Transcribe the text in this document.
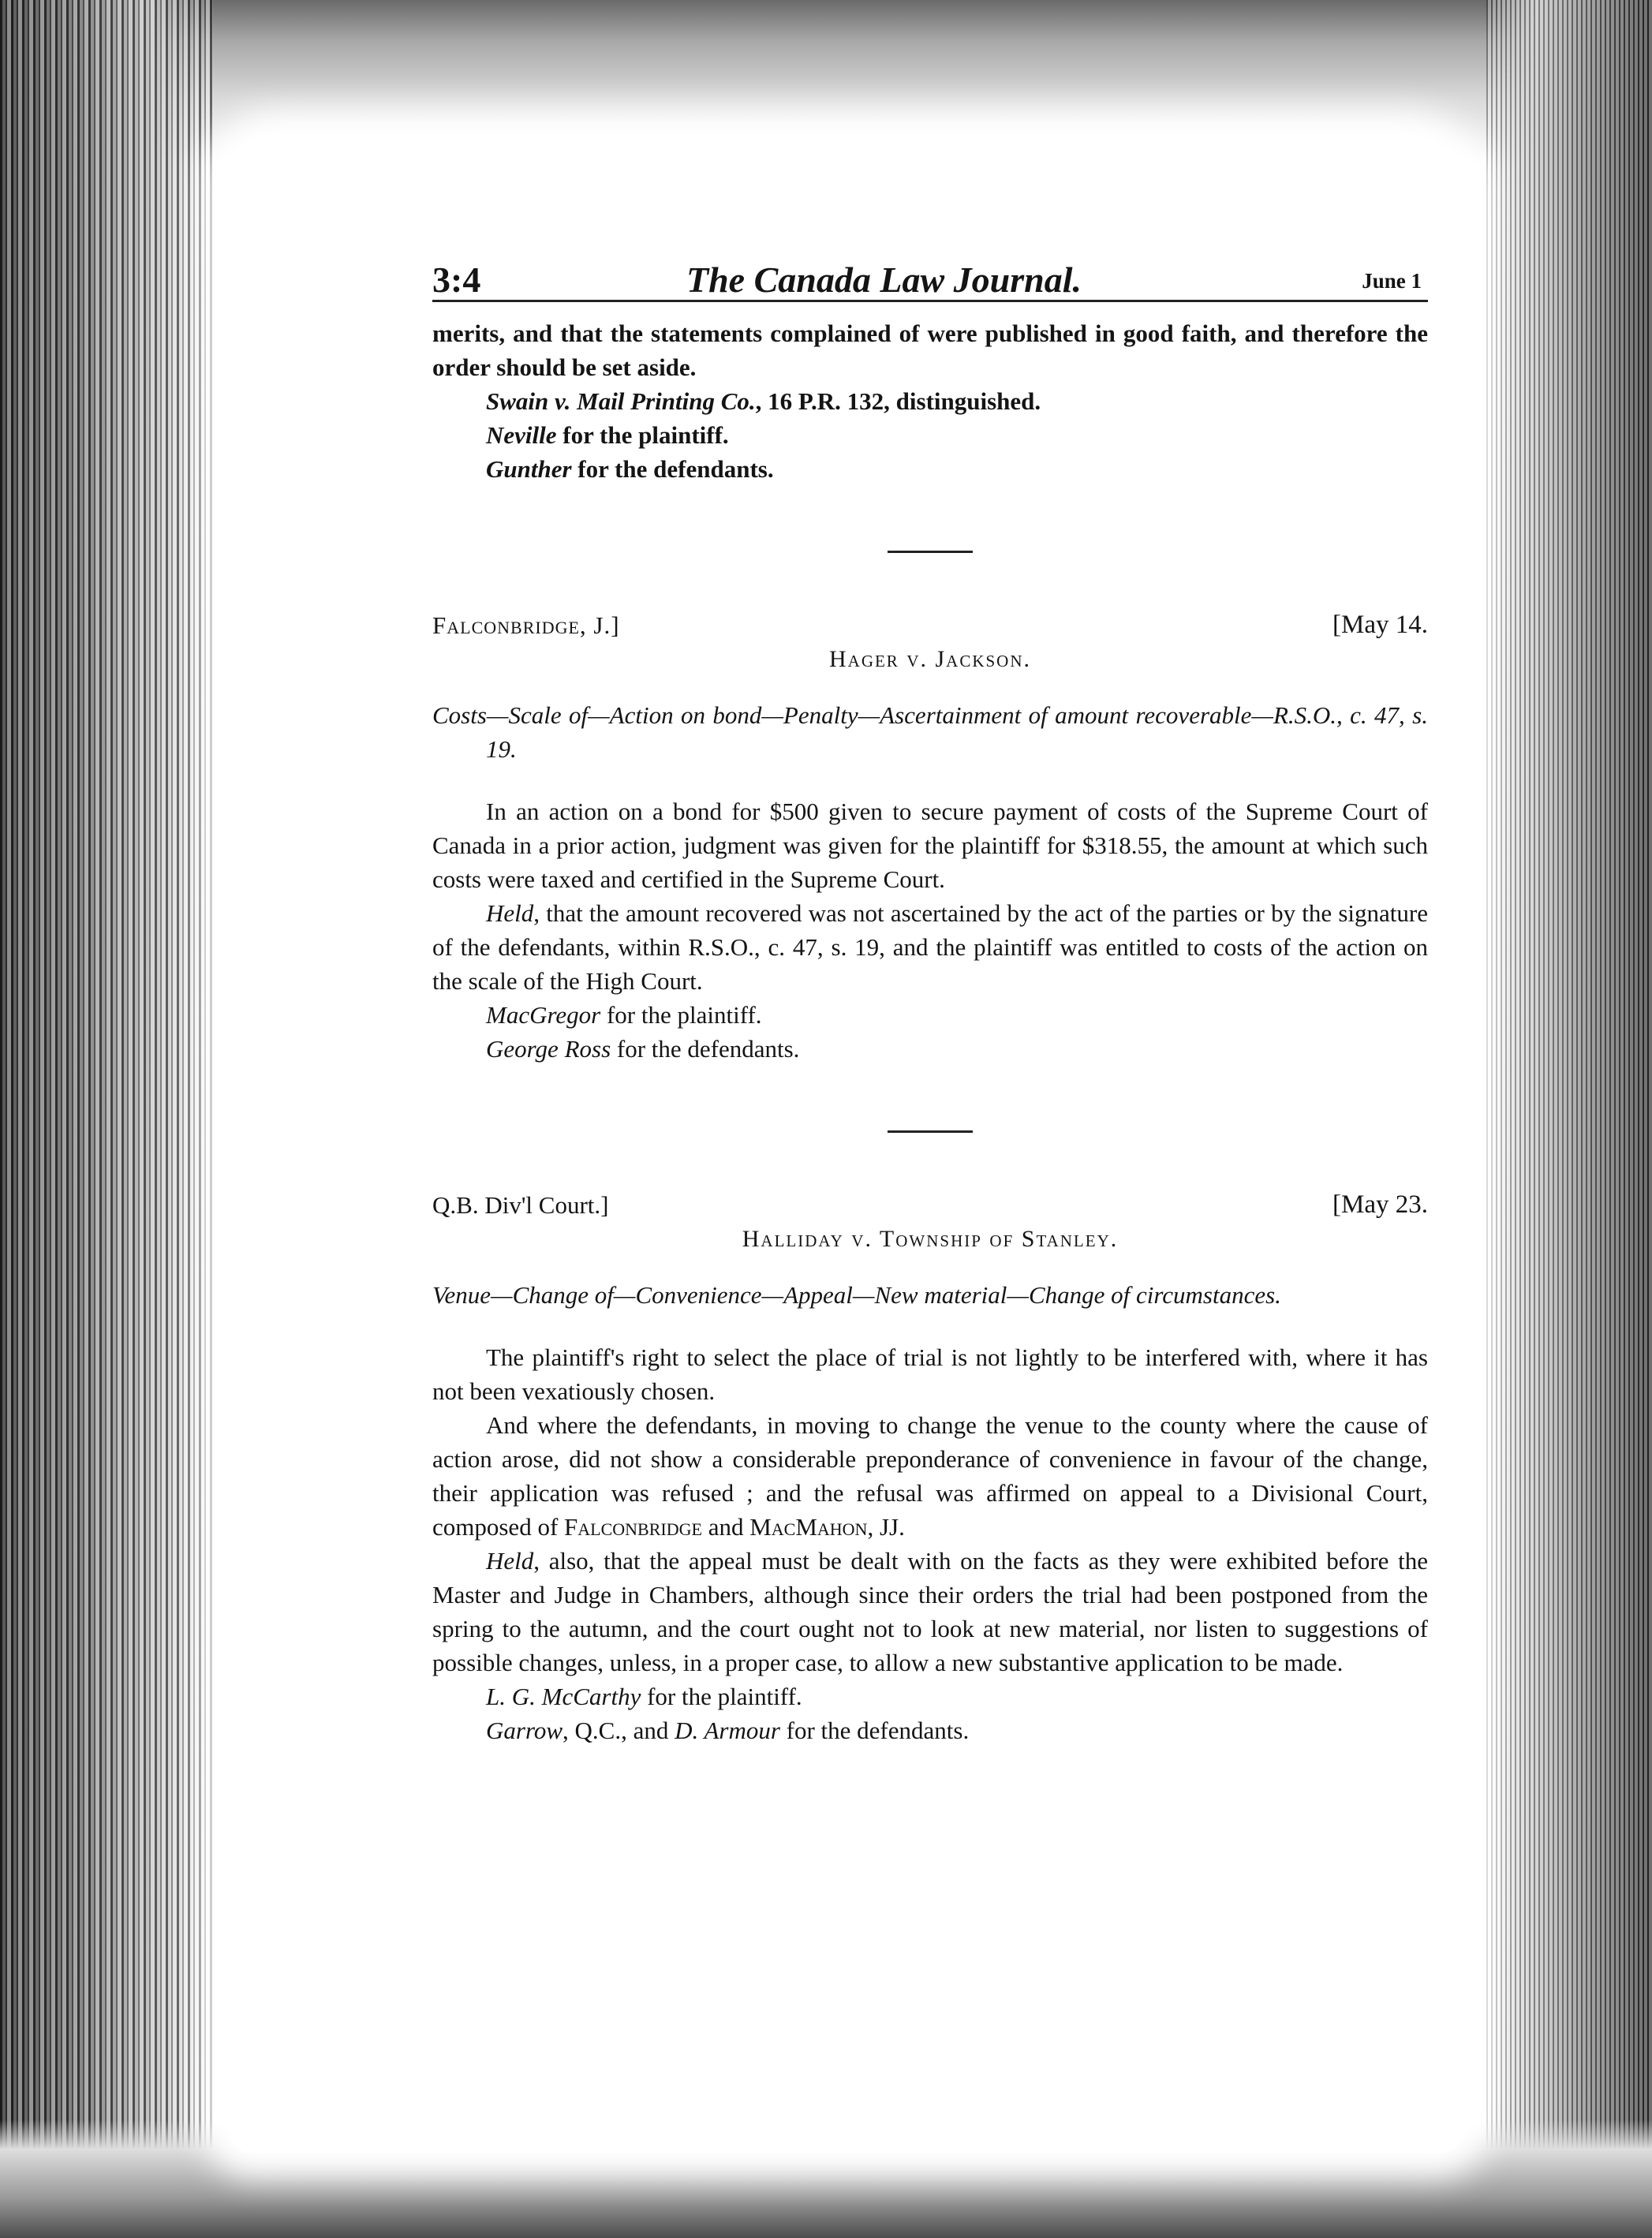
3:4	The Canada Law Journal.	June 1

merits, and that the statements complained of were published in good faith, and therefore the order should be set aside.

Swain v. Mail Printing Co., 16 P.R. 132, distinguished.

Neville for the plaintiff.

Gunther for the defendants.

Falconbridge, J.]	[May 14.
Hager v. Jackson.

Costs—Scale of—Action on bond—Penalty—Ascertainment of amount recoverable—R.S.O., c. 47, s. 19.

In an action on a bond for $500 given to secure payment of costs of the Supreme Court of Canada in a prior action, judgment was given for the plaintiff for $318.55, the amount at which such costs were taxed and certified in the Supreme Court.

Held, that the amount recovered was not ascertained by the act of the parties or by the signature of the defendants, within R.S.O., c. 47, s. 19, and the plaintiff was entitled to costs of the action on the scale of the High Court.

MacGregor for the plaintiff.

George Ross for the defendants.

Q.B. Div'l Court.]	[May 23.
Halliday v. Township of Stanley.

Venue—Change of—Convenience—Appeal—New material—Change of circumstances.

The plaintiff's right to select the place of trial is not lightly to be interfered with, where it has not been vexatiously chosen.

And where the defendants, in moving to change the venue to the county where the cause of action arose, did not show a considerable preponderance of convenience in favour of the change, their application was refused ; and the refusal was affirmed on appeal to a Divisional Court, composed of Falconbridge and MacMahon, JJ.

Held, also, that the appeal must be dealt with on the facts as they were exhibited before the Master and Judge in Chambers, although since their orders the trial had been postponed from the spring to the autumn, and the court ought not to look at new material, nor listen to suggestions of possible changes, unless, in a proper case, to allow a new substantive application to be made.

L. G. McCarthy for the plaintiff.

Garrow, Q.C., and D. Armour for the defendants.
